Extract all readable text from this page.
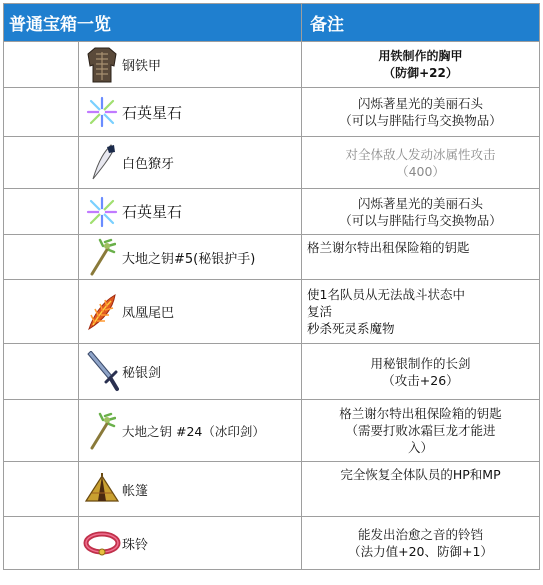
普通宝箱一览		备注

	钢铁甲	用铁制作的胸甲
（防御+22）

	石英星石	闪烁著星光的美丽石头
（可以与胖陆行鸟交换物品）

	白色獠牙	对全体敌人发动冰属性攻击
（400）

	石英星石	闪烁著星光的美丽石头
（可以与胖陆行鸟交换物品）

	大地之钥#5(秘银护手)	格兰谢尔特出租保险箱的钥匙

	凤凰尾巴	使1名队员从无法战斗状态中
复活
秒杀死灵系魔物

	秘银剑	用秘银制作的长剑
（攻击+26）

	大地之钥 #24（冰印剑）	格兰谢尔特出租保险箱的钥匙
（需要打败冰霜巨龙才能进
入）

	帐篷	完全恢复全体队员的HP和MP

	珠铃	能发出治愈之音的铃铛
（法力值+20、防御+1）
